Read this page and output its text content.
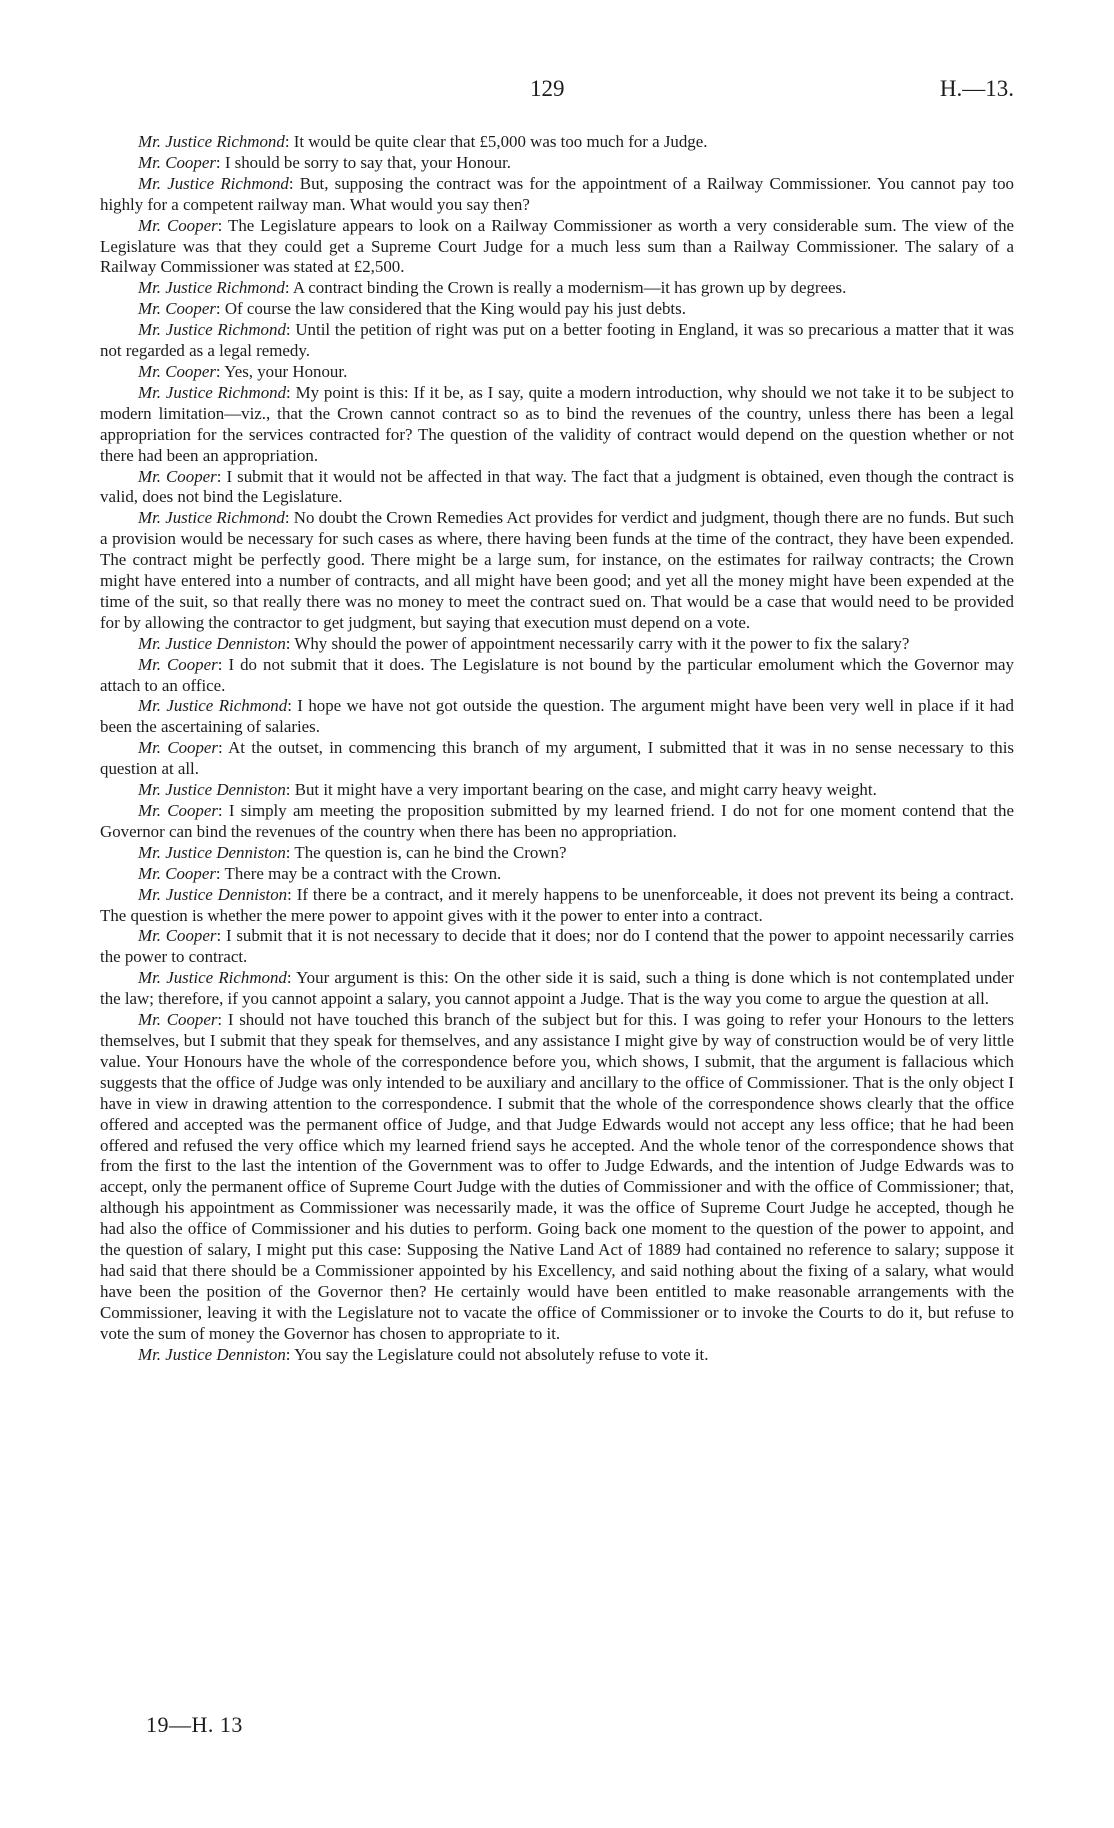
129	H.—13.

Mr. Justice Richmond: It would be quite clear that £5,000 was too much for a Judge.

Mr. Cooper: I should be sorry to say that, your Honour.

Mr. Justice Richmond: But, supposing the contract was for the appointment of a Railway Commissioner. You cannot pay too highly for a competent railway man. What would you say then?

Mr. Cooper: The Legislature appears to look on a Railway Commissioner as worth a very considerable sum. The view of the Legislature was that they could get a Supreme Court Judge for a much less sum than a Railway Commissioner. The salary of a Railway Commissioner was stated at £2,500.

Mr. Justice Richmond: A contract binding the Crown is really a modernism—it has grown up by degrees.

Mr. Cooper: Of course the law considered that the King would pay his just debts.

Mr. Justice Richmond: Until the petition of right was put on a better footing in England, it was so precarious a matter that it was not regarded as a legal remedy.

Mr. Cooper: Yes, your Honour.

Mr. Justice Richmond: My point is this: If it be, as I say, quite a modern introduction, why should we not take it to be subject to modern limitation—viz., that the Crown cannot contract so as to bind the revenues of the country, unless there has been a legal appropriation for the services contracted for? The question of the validity of contract would depend on the question whether or not there had been an appropriation.

Mr. Cooper: I submit that it would not be affected in that way. The fact that a judgment is obtained, even though the contract is valid, does not bind the Legislature.

Mr. Justice Richmond: No doubt the Crown Remedies Act provides for verdict and judgment, though there are no funds. But such a provision would be necessary for such cases as where, there having been funds at the time of the contract, they have been expended. The contract might be perfectly good. There might be a large sum, for instance, on the estimates for railway contracts; the Crown might have entered into a number of contracts, and all might have been good; and yet all the money might have been expended at the time of the suit, so that really there was no money to meet the contract sued on. That would be a case that would need to be provided for by allowing the contractor to get judgment, but saying that execution must depend on a vote.

Mr. Justice Denniston: Why should the power of appointment necessarily carry with it the power to fix the salary?

Mr. Cooper: I do not submit that it does. The Legislature is not bound by the particular emolument which the Governor may attach to an office.

Mr. Justice Richmond: I hope we have not got outside the question. The argument might have been very well in place if it had been the ascertaining of salaries.

Mr. Cooper: At the outset, in commencing this branch of my argument, I submitted that it was in no sense necessary to this question at all.

Mr. Justice Denniston: But it might have a very important bearing on the case, and might carry heavy weight.

Mr. Cooper: I simply am meeting the proposition submitted by my learned friend. I do not for one moment contend that the Governor can bind the revenues of the country when there has been no appropriation.

Mr. Justice Denniston: The question is, can he bind the Crown?

Mr. Cooper: There may be a contract with the Crown.

Mr. Justice Denniston: If there be a contract, and it merely happens to be unenforceable, it does not prevent its being a contract. The question is whether the mere power to appoint gives with it the power to enter into a contract.

Mr. Cooper: I submit that it is not necessary to decide that it does; nor do I contend that the power to appoint necessarily carries the power to contract.

Mr. Justice Richmond: Your argument is this: On the other side it is said, such a thing is done which is not contemplated under the law; therefore, if you cannot appoint a salary, you cannot appoint a Judge. That is the way you come to argue the question at all.

Mr. Cooper: I should not have touched this branch of the subject but for this. I was going to refer your Honours to the letters themselves, but I submit that they speak for themselves, and any assistance I might give by way of construction would be of very little value. Your Honours have the whole of the correspondence before you, which shows, I submit, that the argument is fallacious which suggests that the office of Judge was only intended to be auxiliary and ancillary to the office of Commissioner. That is the only object I have in view in drawing attention to the correspondence. I submit that the whole of the correspondence shows clearly that the office offered and accepted was the permanent office of Judge, and that Judge Edwards would not accept any less office; that he had been offered and refused the very office which my learned friend says he accepted. And the whole tenor of the correspondence shows that from the first to the last the intention of the Government was to offer to Judge Edwards, and the intention of Judge Edwards was to accept, only the permanent office of Supreme Court Judge with the duties of Commissioner and with the office of Commissioner; that, although his appointment as Commissioner was necessarily made, it was the office of Supreme Court Judge he accepted, though he had also the office of Commissioner and his duties to perform. Going back one moment to the question of the power to appoint, and the question of salary, I might put this case: Supposing the Native Land Act of 1889 had contained no reference to salary; suppose it had said that there should be a Commissioner appointed by his Excellency, and said nothing about the fixing of a salary, what would have been the position of the Governor then? He certainly would have been entitled to make reasonable arrangements with the Commissioner, leaving it with the Legislature not to vacate the office of Commissioner or to invoke the Courts to do it, but refuse to vote the sum of money the Governor has chosen to appropriate to it.

Mr. Justice Denniston: You say the Legislature could not absolutely refuse to vote it.

19—H. 13
